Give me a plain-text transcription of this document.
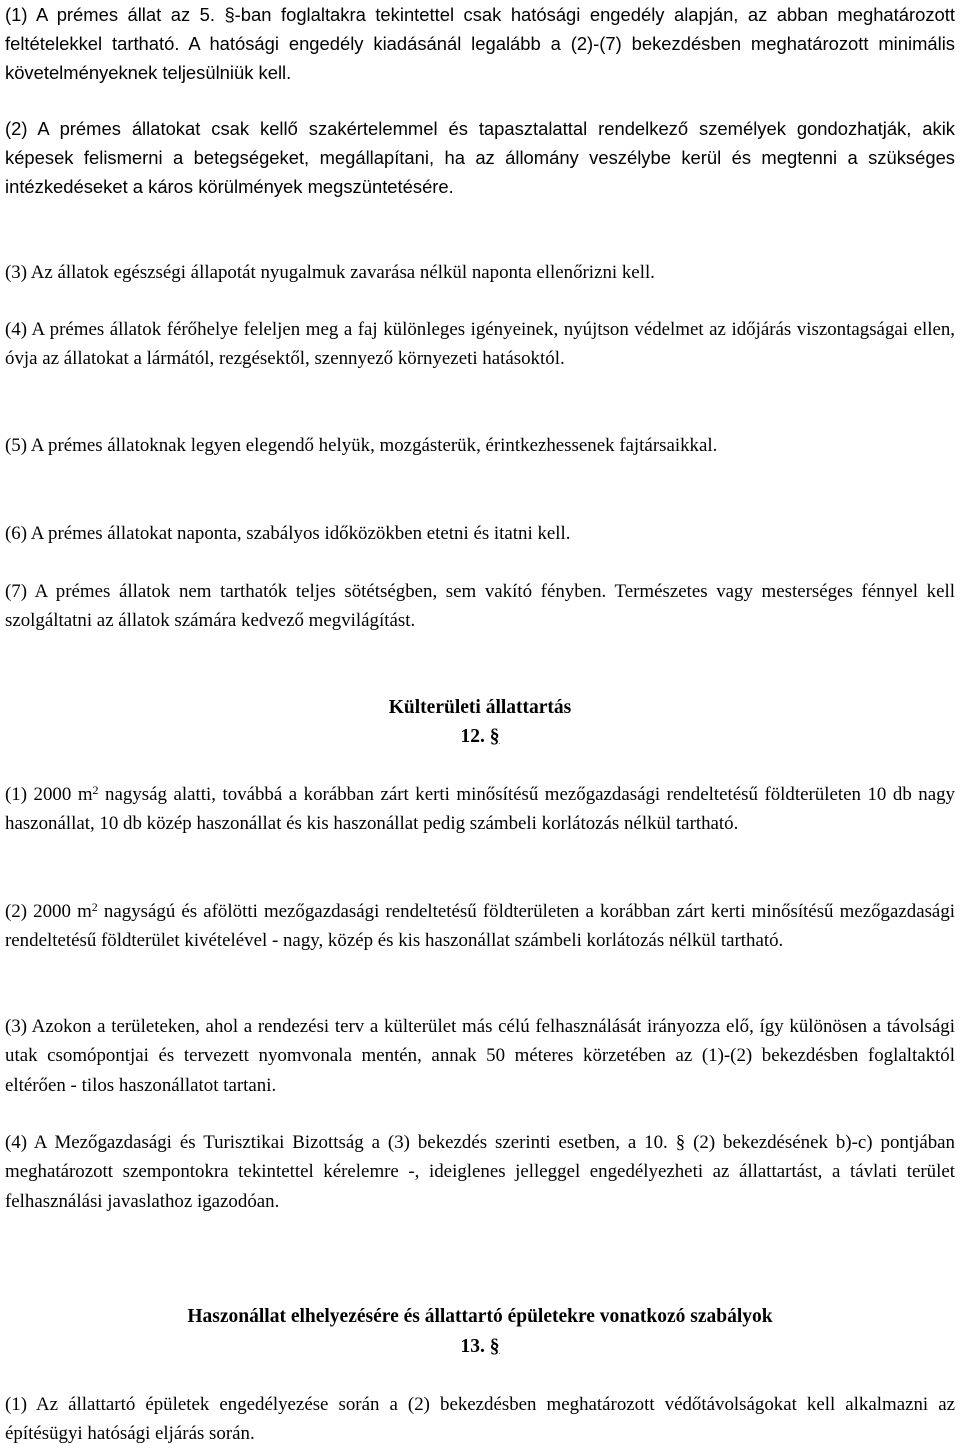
(1) A prémes állat az 5. §-ban foglaltakra tekintettel csak hatósági engedély alapján, az abban meghatározott feltételekkel tartható. A hatósági engedély kiadásánál legalább a (2)-(7) bekezdésben meghatározott minimális követelményeknek teljesülniük kell.

(2) A prémes állatokat csak kellő szakértelemmel és tapasztalattal rendelkező személyek gondozhatják, akik képesek felismerni a betegségeket, megállapítani, ha az állomány veszélybe kerül és megtenni a szükséges intézkedéseket a káros körülmények megszüntetésére.

(3) Az állatok egészségi állapotát nyugalmuk zavarása nélkül naponta ellenőrizni kell.

(4) A prémes állatok férőhelye feleljen meg a faj különleges igényeinek, nyújtson védelmet az időjárás viszontagságai ellen, óvja az állatokat a lármától, rezgésektől, szennyező környezeti hatásoktól.

(5) A prémes állatoknak legyen elegendő helyük, mozgásterük, érintkezhessenek fajtársaikkal.

(6) A prémes állatokat naponta, szabályos időközökben etetni és itatni kell.

(7) A prémes állatok nem tarthatók teljes sötétségben, sem vakító fényben. Természetes vagy mesterséges fénnyel kell szolgáltatni az állatok számára kedvező megvilágítást.

Külterületi állattartás
12. §

(1) 2000 $m^2$ nagyság alatti, továbbá a korábban zárt kerti minősítésű mezőgazdasági rendeltetésű földterületen 10 db nagy haszonállat, 10 db közép haszonállat és kis haszonállat pedig számbeli korlátozás nélkül tartható.

(2) 2000 $m^2$ nagyságú és afölötti mezőgazdasági rendeltetésű földterületen a korábban zárt kerti minősítésű mezőgazdasági rendeltetésű földterület kivételével - nagy, közép és kis haszonállat számbeli korlátozás nélkül tartható.

(3) Azokon a területeken, ahol a rendezési terv a külterület más célú felhasználását irányozza elő, így különösen a távolsági utak csomópontjai és tervezett nyomvonala mentén, annak 50 méteres körzetében az (1)-(2) bekezdésben foglaltaktól eltérően - tilos haszonállatot tartani.

(4) A Mezőgazdasági és Turisztikai Bizottság a (3) bekezdés szerinti esetben, a 10. § (2) bekezdésének b)-c) pontjában meghatározott szempontokra tekintettel kérelemre -, ideiglenes jelleggel engedélyezheti az állattartást, a távlati terület felhasználási javaslathoz igazodóan.

Haszonállat elhelyezésére és állattartó épületekre vonatkozó szabályok
13. §

(1) Az állattartó épületek engedélyezése során a (2) bekezdésben meghatározott védőtávolságokat kell alkalmazni az építésügyi hatósági eljárás során.
